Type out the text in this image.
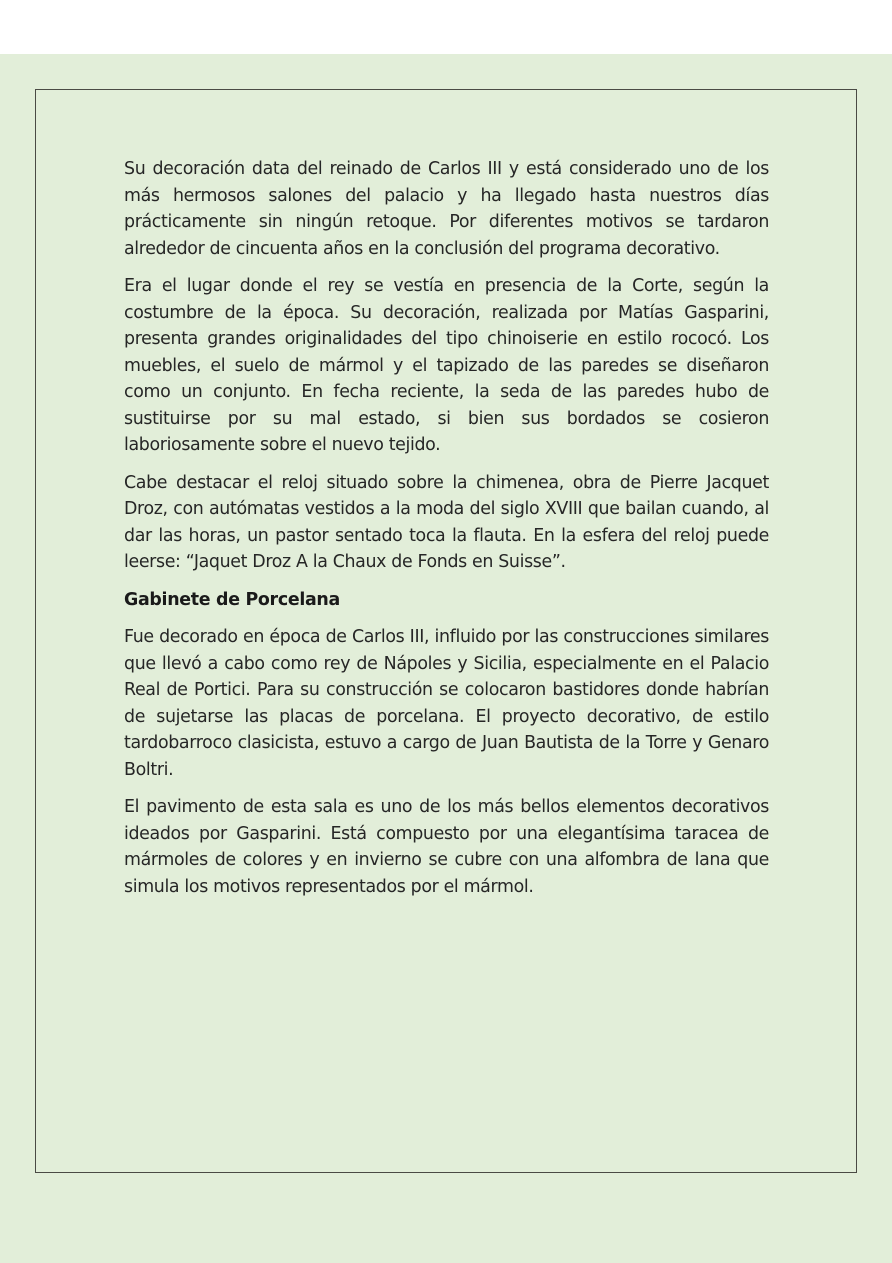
Su decoración data del reinado de Carlos III y está considerado uno de los más hermosos salones del palacio y ha llegado hasta nuestros días prácticamente sin ningún retoque. Por diferentes motivos se tardaron alrededor de cincuenta años en la conclusión del programa decorativo.

Era el lugar donde el rey se vestía en presencia de la Corte, según la costumbre de la época. Su decoración, realizada por Matías Gasparini, presenta grandes originalidades del tipo chinoiserie en estilo rococó. Los muebles, el suelo de mármol y el tapizado de las paredes se diseñaron como un conjunto. En fecha reciente, la seda de las paredes hubo de sustituirse por su mal estado, si bien sus bordados se cosieron laboriosamente sobre el nuevo tejido.

Cabe destacar el reloj situado sobre la chimenea, obra de Pierre Jacquet Droz, con autómatas vestidos a la moda del siglo XVIII que bailan cuando, al dar las horas, un pastor sentado toca la flauta. En la esfera del reloj puede leerse: “Jaquet Droz A la Chaux de Fonds en Suisse”.

Gabinete de Porcelana

Fue decorado en época de Carlos III, influido por las construcciones similares que llevó a cabo como rey de Nápoles y Sicilia, especialmente en el Palacio Real de Portici. Para su construcción se colocaron bastidores donde habrían de sujetarse las placas de porcelana. El proyecto decorativo, de estilo tardobarroco clasicista, estuvo a cargo de Juan Bautista de la Torre y Genaro Boltri.

El pavimento de esta sala es uno de los más bellos elementos decorativos ideados por Gasparini. Está compuesto por una elegantísima taracea de mármoles de colores y en invierno se cubre con una alfombra de lana que simula los motivos representados por el mármol.
